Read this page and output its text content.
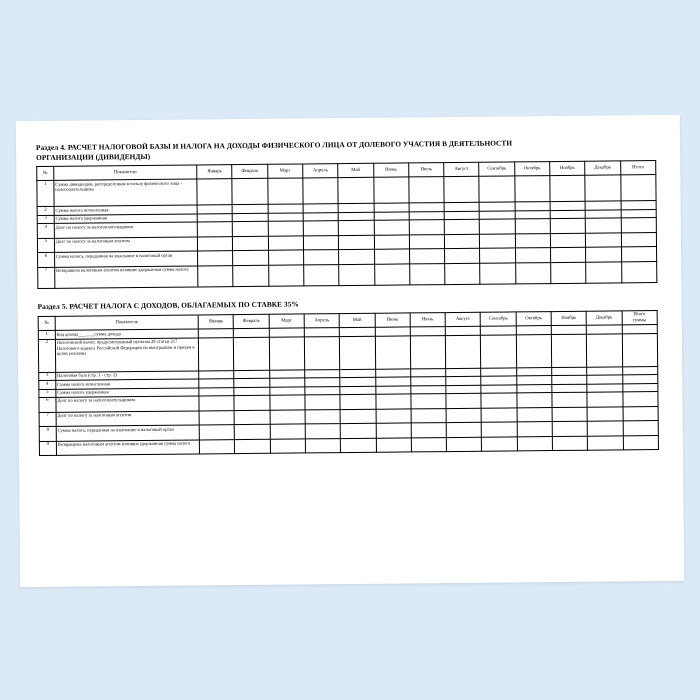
Раздел 4. РАСЧЕТ НАЛОГОВОЙ БАЗЫ И НАЛОГА НА ДОХОДЫ ФИЗИЧЕСКОГО ЛИЦА ОТ ДОЛЕВОГО УЧАСТИЯ В ДЕЯТЕЛЬНОСТИ
ОРГАНИЗАЦИИ (ДИВИДЕНДЫ)
№	Показатели	Январь	Февраль	Март	Апрель	Май	Июнь	Июль	Август	Сентябрь	Октябрь	Ноябрь	Декабрь	Итого
1	Сумма дивидендов, распределенная в пользу физического лица - налогоплательщика													
2	Сумма налога исчисленная													
3	Сумма налога удержанная													
4	Долг по налогу за налогоплательщиком													
5	Долг по налогу за налоговым агентом													
6	Сумма налога, переданная на взыскание в налоговый орган													
7	Возвращена налоговым агентом излишне удержанная сумма налога													
Раздел 5. РАСЧЕТ НАЛОГА С ДОХОДОВ, ОБЛАГАЕМЫХ ПО СТАВКЕ 35%
№	Показатель	Январь	Февраль	Март	Апрель	Май	Июнь	Июль	Август	Сентябрь	Октябрь	Ноябрь	Декабрь	Итого
суммы
1	Код дохода_______сумма дохода													
2	Налоговский вычет, предусмотренный пунктом 28 статьи 217 Налогового кодекса Российской Федерации по выигрышам и призам в целях рекламы													
3	Налоговая база (стр. 1 - стр. 2)													
4	Сумма налога исчисленная													
5	Сумма налога удержанная													
6	Долг по налогу за налогоплательщиком													
7	Долг по налогу за налоговым агентом													
8	Сумма налога, переданная на взыскание в налоговый орган													
9	Возвращена налоговым агентом излишне удержанная сумма налога													
